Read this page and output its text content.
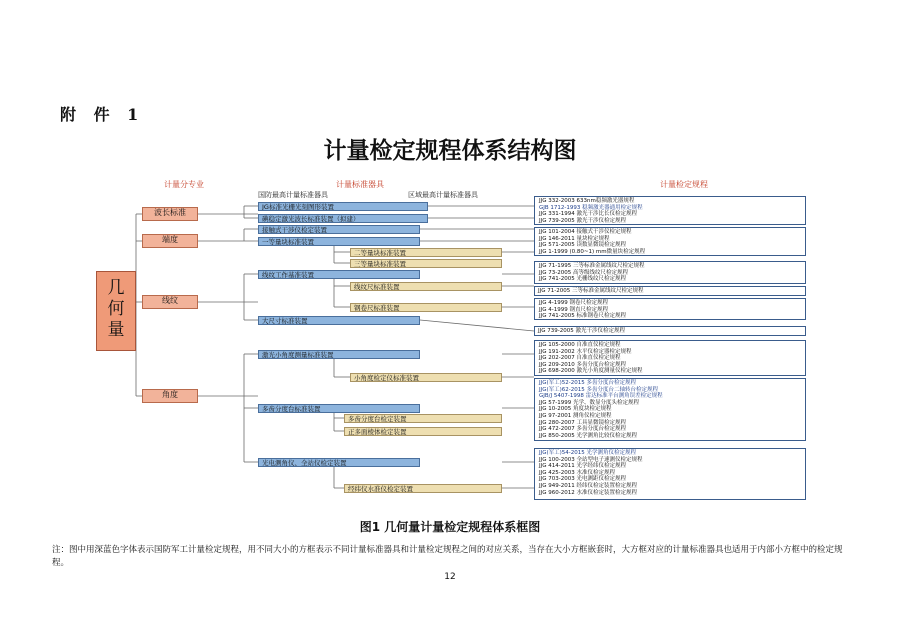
附 件 1
计量检定规程体系结构图
计量分专业	计量标准器具	计量检定规程
国防最高计量标准器具	区域最高计量标准器具
几何量
波长标准
端度
线纹
角度
JG标准光栅光刻图形装置
碘稳定激光波长标准装置（拟建）
接触式干涉仪检定装置
一等量块标准装置
二等量块标准装置
三等量块标准装置
线纹工作基准装置
线纹尺标准装置
钢卷尺标准装置
大尺寸标准装置
激光小角度测量标准装置
小角度检定仪标准装置
多齿分度台标准装置
多齿分度台检定装置
正多面棱体检定装置
光电测角仪、全站仪检定装置
经纬仪水准仪检定装置
JJG 332-2003 633nm稳频激光器规程
GJB 1712-1993 稳频激光器通用检定规程
JJG 331-1994 激光干涉比长仪检定规程
JJG 739-2005 激光干涉仪检定规程
JJG 101-2004 接触式干涉仪检定规程
JJG 146-2011 量块检定规程
JJG 571-2005 读数显微镜检定规程
JJG 1-1999 (0.80~1) mm微量块检定规程
JJG 71-1995 三等标准金属线纹尺检定规程
JJG 73-2005 高等级线纹尺检定规程
JJG 741-2005 光栅线纹尺检定规程
JJG 71-2005 三等标准金属线纹尺检定规程
JJG 4-1999 钢卷尺检定规程
JJG 4-1999 钢直尺检定规程
JJG 741-2005 标准钢卷尺检定规程
JJG 739-2005 激光干涉仪检定规程
JJG 105-2000 自准直仪检定规程
JJG 191-2002 水平仪检定器检定规程
JJG 202-2007 自准直仪检定规程
JJG 209-2010 多齿分度台检定规程
JJG 698-2000 激光小角度测量仪检定规程
JJG(军工)52-2015 多齿分度台检定规程
JJG(军工)62-2015 多齿分度台二轴转台检定规程
GJB/J 5407-1998 雷达标准平台测角误差检定规程
JJG 57-1999 光学、数显分度头检定规程
JJG 10-2005 角度块检定规程
JJG 97-2001 测角仪检定规程
JJG 280-2007 工具显微镜检定规程
JJG 472-2007 多齿分度台检定规程
JJG 850-2005 光学测角比较仪检定规程
JJG(军工)54-2015 光学测角仪检定规程
JJG 100-2003 全站型电子速测仪检定规程
JJG 414-2011 光学经纬仪检定规程
JJG 425-2003 水准仪检定规程
JJG 703-2003 光电测距仪检定规程
JJG 949-2011 经纬仪检定装置检定规程
JJG 960-2012 水准仪检定装置检定规程
图1 几何量计量检定规程体系框图
注：图中用深蓝色字体表示国防军工计量检定规程，用不同大小的方框表示不同计量标准器具和计量检定规程之间的对应关系，当存在大小方框嵌套时，大方框对应的计量标准器具也适用于内部小方框中的检定规程。
12
